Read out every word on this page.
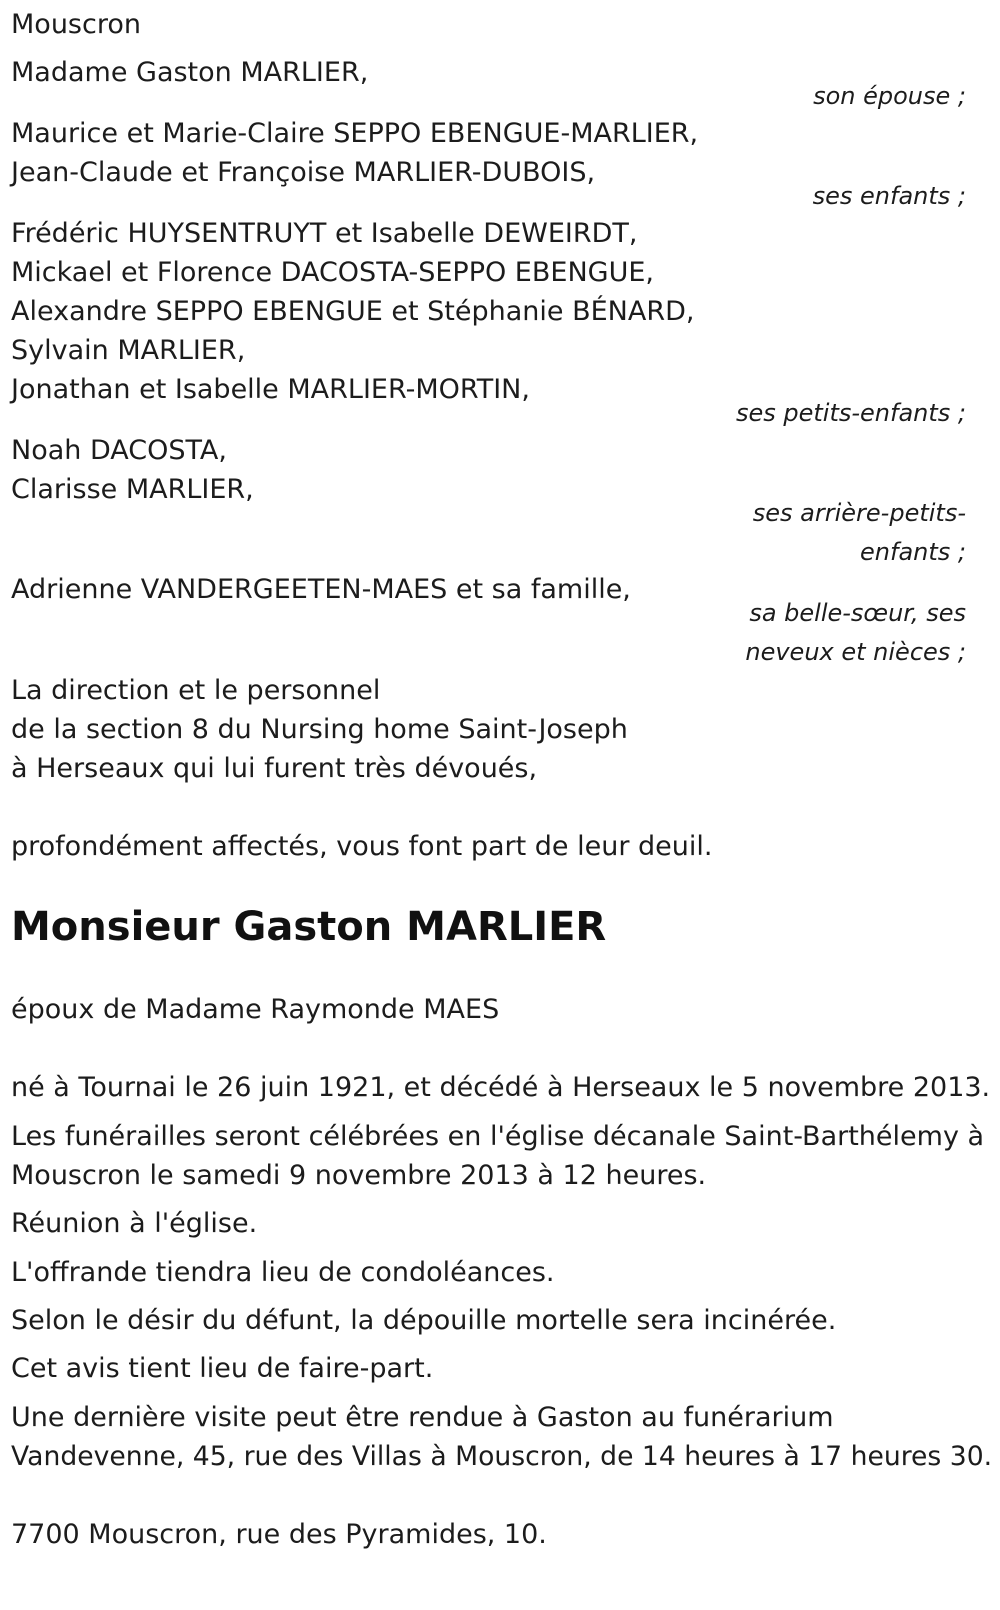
Mouscron

Madame Gaston MARLIER,

son épouse ;

Maurice et Marie-Claire SEPPO EBENGUE-MARLIER,

Jean-Claude et Françoise MARLIER-DUBOIS,

ses enfants ;

Frédéric HUYSENTRUYT et Isabelle DEWEIRDT,

Mickael et Florence DACOSTA-SEPPO EBENGUE,

Alexandre SEPPO EBENGUE et Stéphanie BÉNARD,

Sylvain MARLIER,

Jonathan et Isabelle MARLIER-MORTIN,

ses petits-enfants ;

Noah DACOSTA,

Clarisse MARLIER,

ses arrière-petits-

enfants ;

Adrienne VANDERGEETEN-MAES et sa famille,

sa belle-sœur, ses

neveux et nièces ;

La direction et le personnel

de la section 8 du Nursing home Saint-Joseph

à Herseaux qui lui furent très dévoués,

profondément affectés, vous font part de leur deuil.

Monsieur Gaston MARLIER

époux de Madame Raymonde MAES

né à Tournai le 26 juin 1921, et décédé à Herseaux le 5 novembre 2013.

Les funérailles seront célébrées en l'église décanale Saint-Barthélemy à

Mouscron le samedi 9 novembre 2013 à 12 heures.

Réunion à l'église.

L'offrande tiendra lieu de condoléances.

Selon le désir du défunt, la dépouille mortelle sera incinérée.

Cet avis tient lieu de faire-part.

Une dernière visite peut être rendue à Gaston au funérarium

Vandevenne, 45, rue des Villas à Mouscron, de 14 heures à 17 heures 30.

7700 Mouscron, rue des Pyramides, 10.
